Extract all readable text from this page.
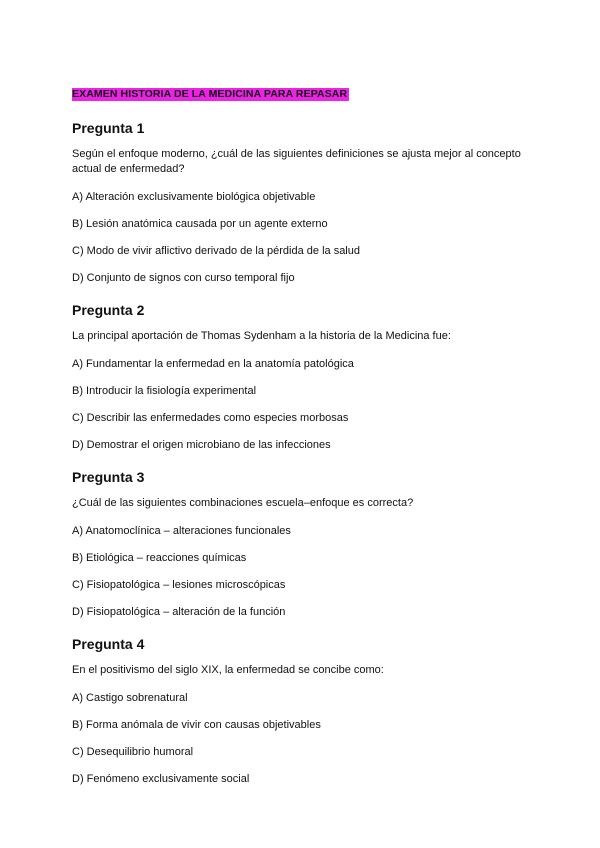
EXAMEN HISTORIA DE LA MEDICINA PARA REPASAR
Pregunta 1

Según el enfoque moderno, ¿cuál de las siguientes definiciones se ajusta mejor al concepto actual de enfermedad?

A) Alteración exclusivamente biológica objetivable
B) Lesión anatómica causada por un agente externo
C) Modo de vivir aflictivo derivado de la pérdida de la salud
D) Conjunto de signos con curso temporal fijo
Pregunta 2

La principal aportación de Thomas Sydenham a la historia de la Medicina fue:

A) Fundamentar la enfermedad en la anatomía patológica
B) Introducir la fisiología experimental
C) Describir las enfermedades como especies morbosas
D) Demostrar el origen microbiano de las infecciones
Pregunta 3

¿Cuál de las siguientes combinaciones escuela–enfoque es correcta?

A) Anatomoclínica – alteraciones funcionales
B) Etiológica – reacciones químicas
C) Fisiopatológica – lesiones microscópicas
D) Fisiopatológica – alteración de la función
Pregunta 4

En el positivismo del siglo XIX, la enfermedad se concibe como:

A) Castigo sobrenatural
B) Forma anómala de vivir con causas objetivables
C) Desequilibrio humoral
D) Fenómeno exclusivamente social
